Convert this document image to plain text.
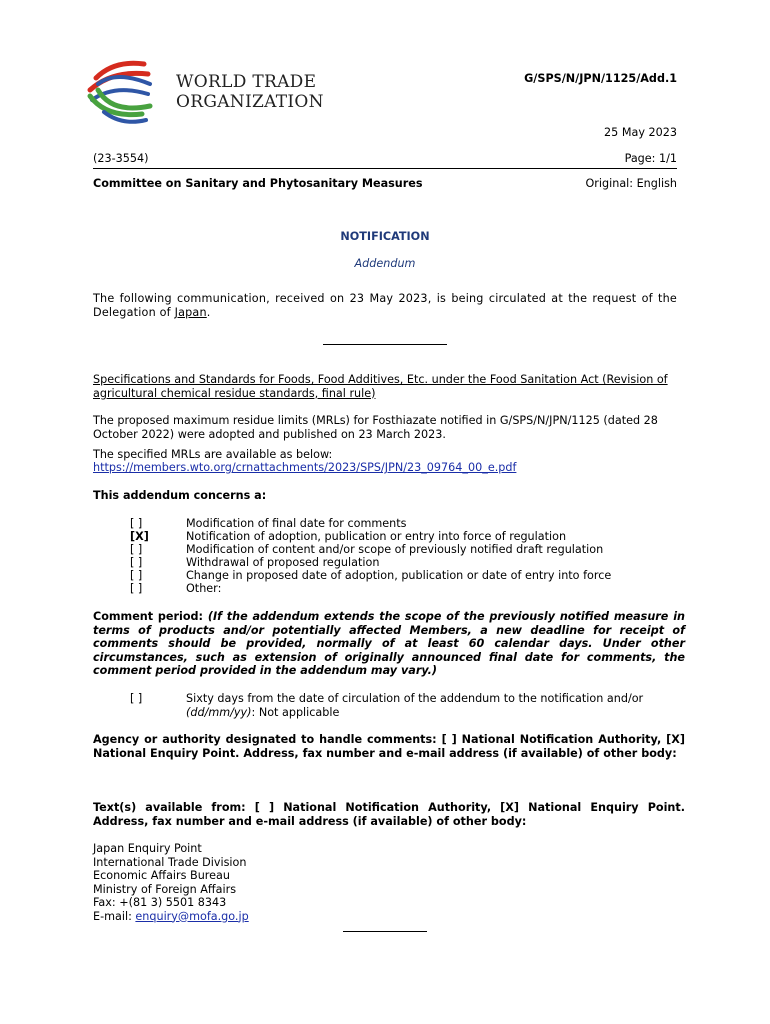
WORLD TRADE
ORGANIZATION
G/SPS/N/JPN/1125/Add.1
25 May 2023
(23-3554)	Page: 1/1
Committee on Sanitary and Phytosanitary Measures	Original: English
NOTIFICATION
Addendum
The following communication, received on 23 May 2023, is being circulated at the request of the Delegation of Japan.
Specifications and Standards for Foods, Food Additives, Etc. under the Food Sanitation Act (Revision of agricultural chemical residue standards, final rule)
The proposed maximum residue limits (MRLs) for Fosthiazate notified in G/SPS/N/JPN/1125 (dated 28 October 2022) were adopted and published on 23 March 2023.
The specified MRLs are available as below:
https://members.wto.org/crnattachments/2023/SPS/JPN/23_09764_00_e.pdf
This addendum concerns a:
[ ]	Modification of final date for comments
[X]	Notification of adoption, publication or entry into force of regulation
[ ]	Modification of content and/or scope of previously notified draft regulation
[ ]	Withdrawal of proposed regulation
[ ]	Change in proposed date of adoption, publication or date of entry into force
[ ]	Other:
Comment period: (If the addendum extends the scope of the previously notified measure in terms of products and/or potentially affected Members, a new deadline for receipt of comments should be provided, normally of at least 60 calendar days. Under other circumstances, such as extension of originally announced final date for comments, the comment period provided in the addendum may vary.)
[ ]	Sixty days from the date of circulation of the addendum to the notification and/or
(dd/mm/yy): Not applicable
Agency or authority designated to handle comments: [ ] National Notification Authority, [X] National Enquiry Point. Address, fax number and e-mail address (if available) of other body:
Text(s) available from: [ ] National Notification Authority, [X] National Enquiry Point. Address, fax number and e-mail address (if available) of other body:
Japan Enquiry Point
International Trade Division
Economic Affairs Bureau
Ministry of Foreign Affairs
Fax: +(81 3) 5501 8343
E-mail: enquiry@mofa.go.jp
